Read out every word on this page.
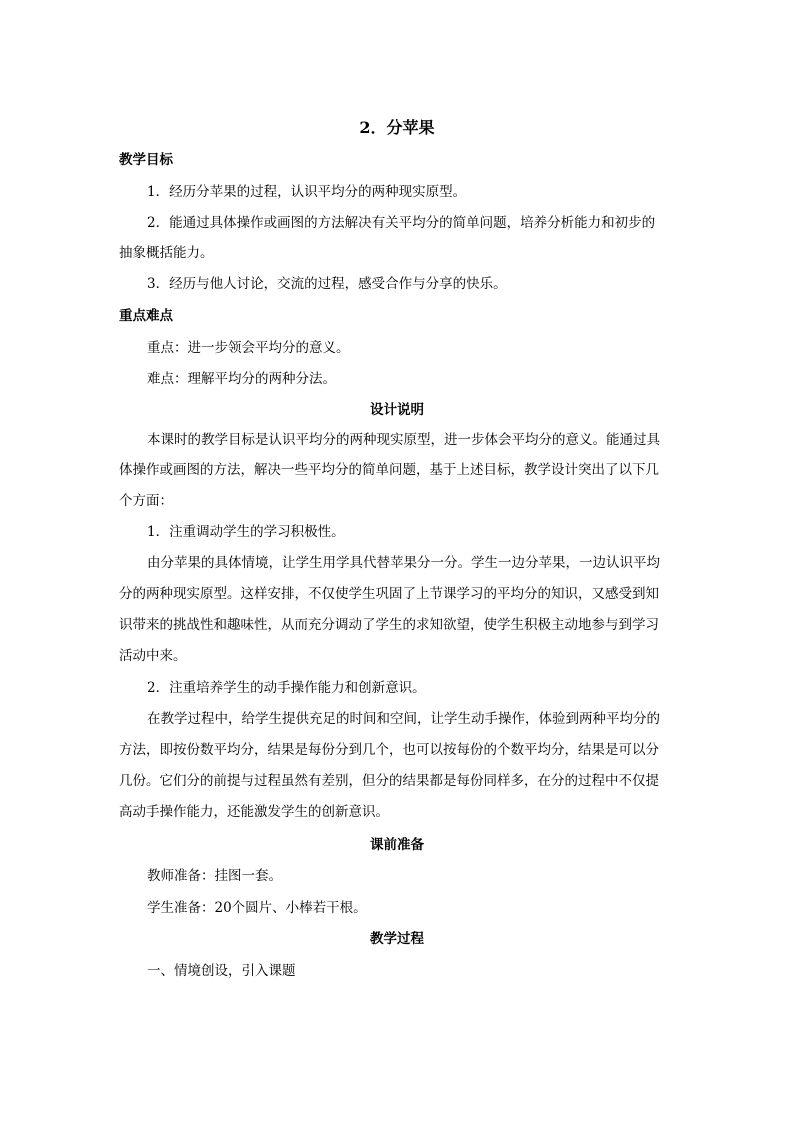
2．分苹果

教学目标

1．经历分苹果的过程，认识平均分的两种现实原型。

2．能通过具体操作或画图的方法解决有关平均分的简单问题，培养分析能力和初步的

抽象概括能力。

3．经历与他人讨论，交流的过程，感受合作与分享的快乐。

重点难点

重点：进一步领会平均分的意义。

难点：理解平均分的两种分法。

设计说明

本课时的教学目标是认识平均分的两种现实原型，进一步体会平均分的意义。能通过具

体操作或画图的方法，解决一些平均分的简单问题，基于上述目标，教学设计突出了以下几

个方面：

1．注重调动学生的学习积极性。

由分苹果的具体情境，让学生用学具代替苹果分一分。学生一边分苹果，一边认识平均

分的两种现实原型。这样安排，不仅使学生巩固了上节课学习的平均分的知识，又感受到知

识带来的挑战性和趣味性，从而充分调动了学生的求知欲望，使学生积极主动地参与到学习

活动中来。

2．注重培养学生的动手操作能力和创新意识。

在教学过程中，给学生提供充足的时间和空间，让学生动手操作，体验到两种平均分的

方法，即按份数平均分，结果是每份分到几个，也可以按每份的个数平均分，结果是可以分

几份。它们分的前提与过程虽然有差别，但分的结果都是每份同样多，在分的过程中不仅提

高动手操作能力，还能激发学生的创新意识。

课前准备

教师准备：挂图一套。

学生准备：20个圆片、小棒若干根。

教学过程

一、情境创设，引入课题
